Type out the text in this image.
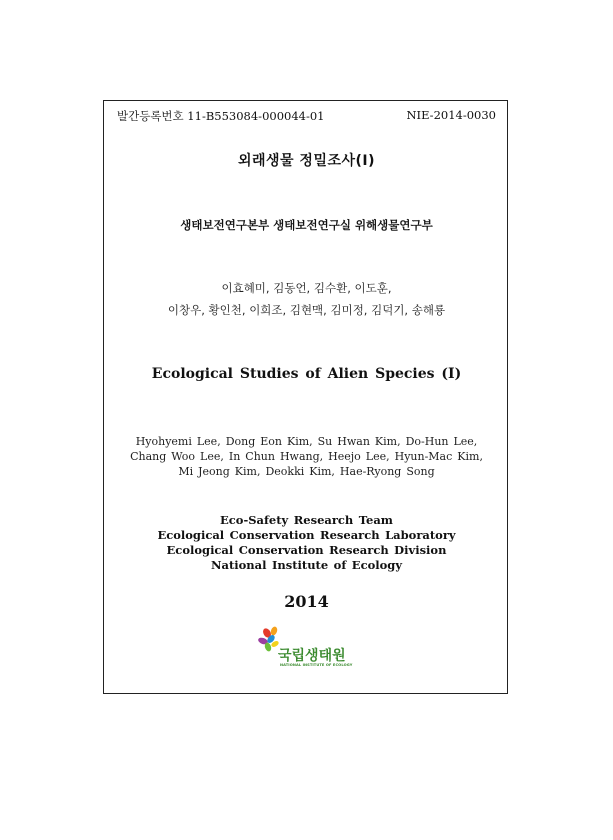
발간등록번호 11-B553084-000044-01	NIE-2014-0030
외래생물 정밀조사(Ⅰ)
생태보전연구본부 생태보전연구실 위해생물연구부
이효혜미, 김동언, 김수환, 이도훈,
이창우, 황인천, 이희조, 김현맥, 김미정, 김덕기, 송해룡
Ecological Studies of Alien Species (Ⅰ)
Hyohyemi Lee, Dong Eon Kim, Su Hwan Kim, Do-Hun Lee,
Chang Woo Lee, In Chun Hwang, Heejo Lee, Hyun-Mac Kim,
Mi Jeong Kim, Deokki Kim, Hae-Ryong Song
Eco-Safety Research Team
Ecological Conservation Research Laboratory
Ecological Conservation Research Division
National Institute of Ecology
2014
국립생태원
NATIONAL INSTITUTE OF ECOLOGY
